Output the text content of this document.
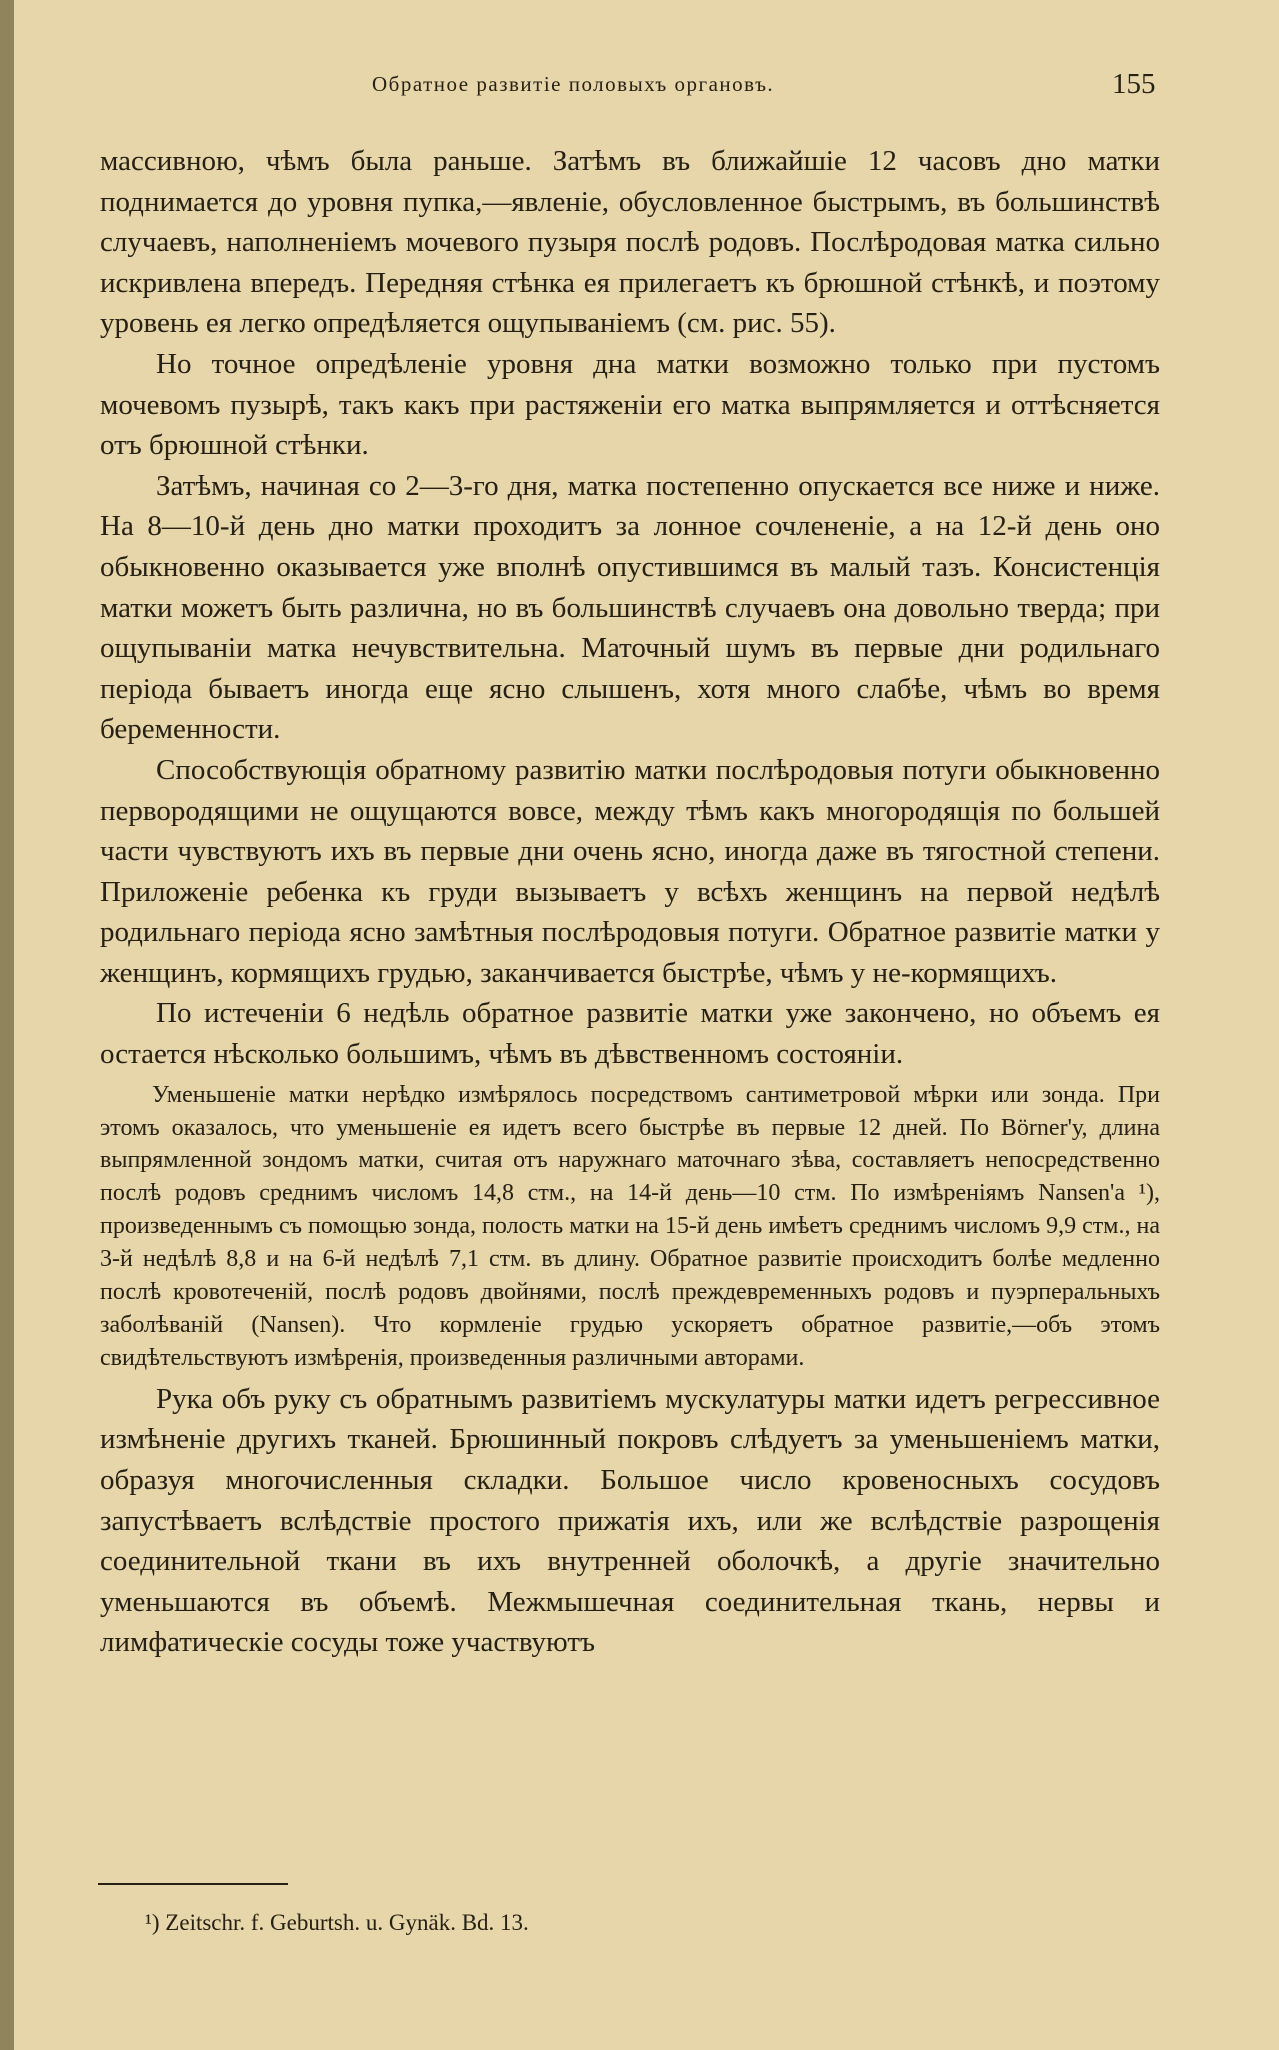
Обратное развитіе половыхъ органовъ.	155

массивною, чѣмъ была раньше. Затѣмъ въ ближайшіе 12 часовъ дно матки поднимается до уровня пупка,—явленіе, обусловленное быстрымъ, въ большинствѣ случаевъ, наполненіемъ мочевого пузыря послѣ родовъ. Послѣродовая матка сильно искривлена впередъ. Передняя стѣнка ея прилегаетъ къ брюшной стѣнкѣ, и поэтому уровень ея легко опредѣляется ощупываніемъ (см. рис. 55).

Но точное опредѣленіе уровня дна матки возможно только при пустомъ мочевомъ пузырѣ, такъ какъ при растяженіи его матка выпрямляется и оттѣсняется отъ брюшной стѣнки.

Затѣмъ, начиная со 2—3-го дня, матка постепенно опускается все ниже и ниже. На 8—10-й день дно матки проходитъ за лонное сочлененіе, а на 12-й день оно обыкновенно оказывается уже вполнѣ опустившимся въ малый тазъ. Консистенція матки можетъ быть различна, но въ большинствѣ случаевъ она довольно тверда; при ощупываніи матка нечувствительна. Маточный шумъ въ первые дни родильнаго періода бываетъ иногда еще ясно слышенъ, хотя много слабѣе, чѣмъ во время беременности.

Способствующія обратному развитію матки послѣродовыя потуги обыкновенно первородящими не ощущаются вовсе, между тѣмъ какъ многородящія по большей части чувствуютъ ихъ въ первые дни очень ясно, иногда даже въ тягостной степени. Приложеніе ребенка къ груди вызываетъ у всѣхъ женщинъ на первой недѣлѣ родильнаго періода ясно замѣтныя послѣродовыя потуги. Обратное развитіе матки у женщинъ, кормящихъ грудью, заканчивается быстрѣе, чѣмъ у не-кормящихъ.

По истеченіи 6 недѣль обратное развитіе матки уже закончено, но объемъ ея остается нѣсколько большимъ, чѣмъ въ дѣвственномъ состояніи.

Уменьшеніе матки нерѣдко измѣрялось посредствомъ сантиметровой мѣрки или зонда. При этомъ оказалось, что уменьшеніе ея идетъ всего быстрѣе въ первые 12 дней. По Börner'у, длина выпрямленной зондомъ матки, считая отъ наружнаго маточнаго зѣва, составляетъ непосредственно послѣ родовъ среднимъ числомъ 14,8 стм., на 14-й день—10 стм. По измѣреніямъ Nansen'а ¹), произведеннымъ съ помощью зонда, полость матки на 15-й день имѣетъ среднимъ числомъ 9,9 стм., на 3-й недѣлѣ 8,8 и на 6-й недѣлѣ 7,1 стм. въ длину. Обратное развитіе происходитъ болѣе медленно послѣ кровотеченій, послѣ родовъ двойнями, послѣ преждевременныхъ родовъ и пуэрперальныхъ заболѣваній (Nansen). Что кормленіе грудью ускоряетъ обратное развитіе,—объ этомъ свидѣтельствуютъ измѣренія, произведенныя различными авторами.

Рука объ руку съ обратнымъ развитіемъ мускулатуры матки идетъ регрессивное измѣненіе другихъ тканей. Брюшинный покровъ слѣдуетъ за уменьшеніемъ матки, образуя многочисленныя складки. Большое число кровеносныхъ сосудовъ запустѣваетъ вслѣдствіе простого прижатія ихъ, или же вслѣдствіе разрощенія соединительной ткани въ ихъ внутренней оболочкѣ, а другіе значительно уменьшаются въ объемѣ. Межмышечная соединительная ткань, нервы и лимфатическіе сосуды тоже участвуютъ

¹) Zeitschr. f. Geburtsh. u. Gynäk. Bd. 13.
